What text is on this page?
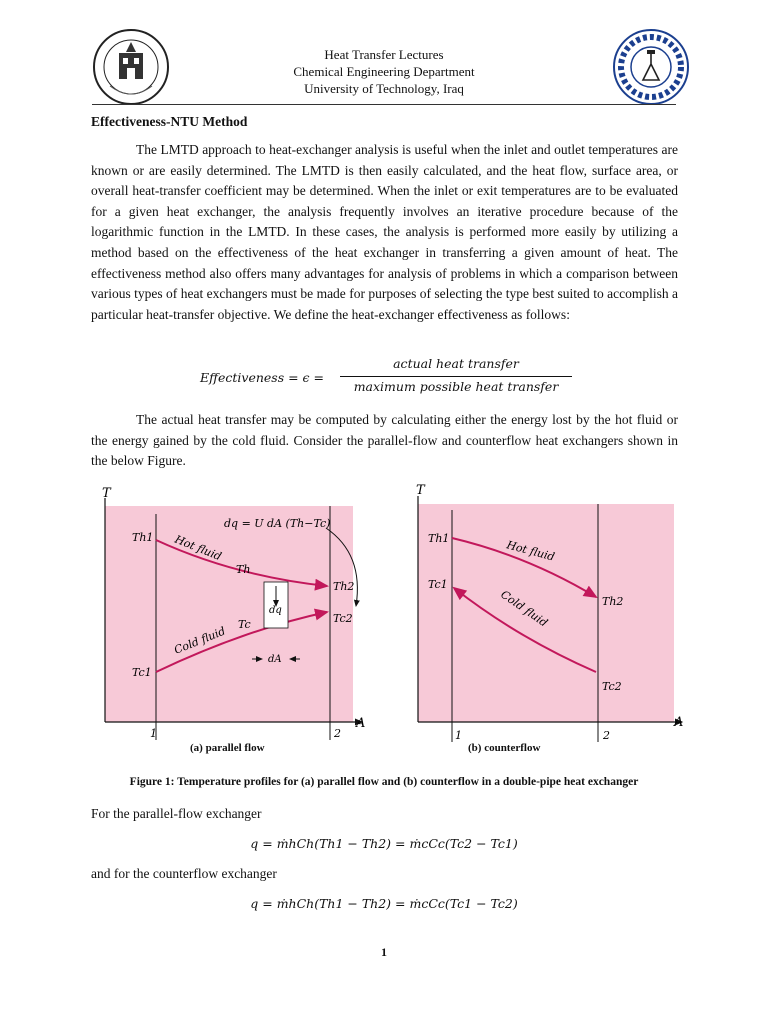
Heat Transfer Lectures
Chemical Engineering Department
University of Technology, Iraq
Effectiveness-NTU Method

The LMTD approach to heat-exchanger analysis is useful when the inlet and outlet temperatures are known or are easily determined. The LMTD is then easily calculated, and the heat flow, surface area, or overall heat-transfer coefficient may be determined. When the inlet or exit temperatures are to be evaluated for a given heat exchanger, the analysis frequently involves an iterative procedure because of the logarithmic function in the LMTD. In these cases, the analysis is performed more easily by utilizing a method based on the effectiveness of the heat exchanger in transferring a given amount of heat. The effectiveness method also offers many advantages for analysis of problems in which a comparison between various types of heat exchangers must be made for purposes of selecting the type best suited to accomplish a particular heat-transfer objective. We define the heat-exchanger effectiveness as follows:

Effectiveness = ϵ =
actual heat transfer
maximum possible heat transfer

The actual heat transfer may be computed by calculating either the energy lost by the hot fluid or the energy gained by the cold fluid. Consider the parallel-flow and counterflow heat exchangers shown in the below Figure.

T
A
Th1
Th2
Tc1
Tc2
Th
Tc
Hot fluid
Cold fluid
dq = U dA (Th−Tc)
dq
dA
1	2
(a) parallel flow
T
A
Th1
Th2
Tc1
Tc2
Hot fluid
Cold fluid
1	2
(b) counterflow
Figure 1: Temperature profiles for (a) parallel flow and (b) counterflow in a double-pipe heat exchanger
For the parallel-flow exchanger
q = ṁhCh(Th1 − Th2) = ṁcCc(Tc2 − Tc1)
and for the counterflow exchanger
q = ṁhCh(Th1 − Th2) = ṁcCc(Tc1 − Tc2)
1
